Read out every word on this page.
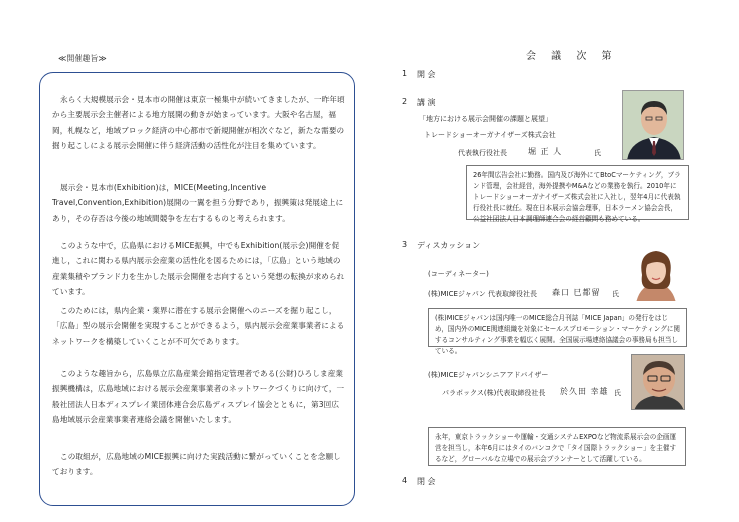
≪開催趣旨≫
永らく大規模展示会・見本市の開催は東京一極集中が続いてきましたが、一昨年頃から主要展示会主催者による地方展開の動きが始まっています。大阪や名古屋，福岡，札幌など，地域ブロック経済の中心都市で新規開催が相次ぐなど，新たな需要の掘り起こしによる展示会開催に伴う経済活動の活性化が注目を集めています。
展示会・見本市(Exhibition)は，MICE(Meeting,Incentive Travel,Convention,Exhibition)展開の一翼を担う分野であり，振興策は発展途上にあり，その存否は今後の地域間競争を左右するものと考えられます。
このような中で，広島県におけるMICE振興，中でもExhibition(展示会)開催を促進し，これに関わる県内展示会産業の活性化を図るためには，「広島」という地域の産業集積やブランド力を生かした展示会開催を志向するという発想の転換が求められています。
このためには，県内企業・業界に潜在する展示会開催へのニーズを掘り起こし，「広島」型の展示会開催を実現することができるよう，県内展示会産業事業者によるネットワークを構築していくことが不可欠であります。
このような趣旨から，広島県立広島産業会館指定管理者である(公財)ひろしま産業振興機構は，広島地域における展示会産業事業者のネットワークづくりに向けて，一般社団法人日本ディスプレイ業団体連合会広島ディスプレイ協会とともに，第3回広島地域展示会産業事業者連絡会議を開催いたします。
この取組が，広島地域のMICE振興に向けた実践活動に繋がっていくことを念願しております。
会 議 次 第
1 開 会
2 講 演
「地方における展示会開催の課題と展望」
トレードショーオーガナイザーズ株式会社
代表執行役社長	堀 正 人	氏
26年間広告会社に勤務。国内及び海外にてBtoCマーケティング，ブランド管理，会社経営，海外提携やM&Aなどの業務を執行。2010年にトレードショーオーガナイザーズ株式会社に入社し，翌年4月に代表執行役社長に就任。現在日本展示会協会理事，日本ラーメン協会会長，公益社団法人日本調理師連合会の経営顧問も務めている。
3 ディスカッション
(コーディネーター)
(株)MICEジャパン 代表取締役社長 森口 巳都留 氏
(株)MICEジャパンは国内唯一のMICE総合月刊誌「MICE Japan」の発行をはじめ，国内外のMICE関連組織を対象にセールスプロモーション・マーケティングに関するコンサルティング事業を幅広く展開。全国展示場連絡協議会の事務局も担当している。
(株)MICEジャパンシニアアドバイザー
パラボックス(株)代表取締役社長 於久田 幸雄 氏
永年，東京トラックショーや運輸・交通システムEXPOなど物流系展示会の企画運営を担当し，本年6月にはタイのバンコクで「タイ国際トラックショー」を主催するなど，グローバルな立場での展示会プランナーとして活躍している。
4 閉 会
